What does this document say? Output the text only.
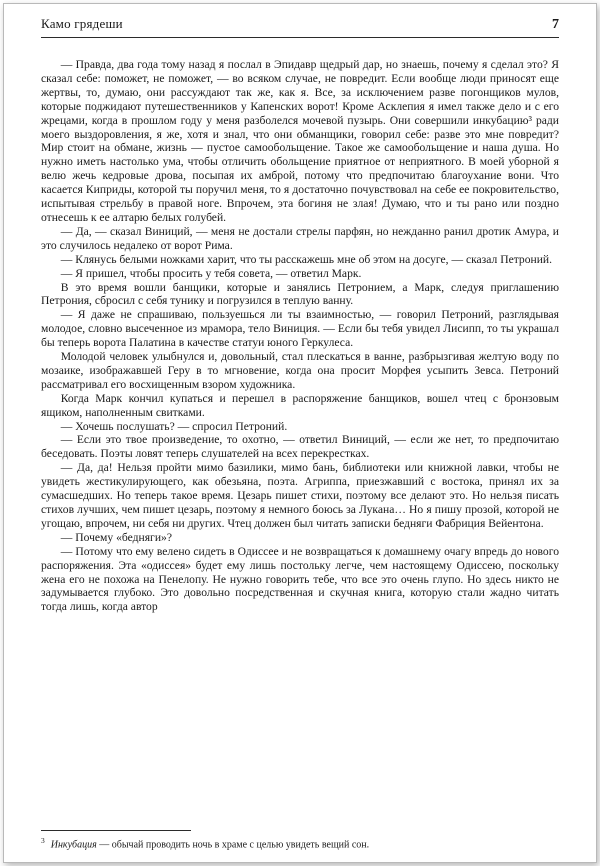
Камо грядеши	7

— Правда, два года тому назад я послал в Эпидавр щедрый дар, но знаешь, почему я сделал это? Я сказал себе: поможет, не поможет, — во всяком случае, не повредит. Если вообще люди приносят еще жертвы, то, думаю, они рассуждают так же, как я. Все, за исключением разве погонщиков мулов, которые поджидают путешественников у Капенских ворот! Кроме Асклепия я имел также дело и с его жрецами, когда в прошлом году у меня разболелся мочевой пузырь. Они совершили инкубацию³ ради моего выздоровления, я же, хотя и знал, что они обманщики, говорил себе: разве это мне повредит? Мир стоит на обмане, жизнь — пустое самообольщение. Такое же самообольщение и наша душа. Но нужно иметь настолько ума, чтобы отличить обольщение приятное от неприятного. В моей уборной я велю жечь кедровые дрова, посыпая их амброй, потому что предпочитаю благоухание вони. Что касается Киприды, которой ты поручил меня, то я достаточно почувствовал на себе ее покровительство, испытывая стрельбу в правой ноге. Впрочем, эта богиня не злая! Думаю, что и ты рано или поздно отнесешь к ее алтарю белых голубей.

— Да, — сказал Виниций, — меня не достали стрелы парфян, но нежданно ранил дротик Амура, и это случилось недалеко от ворот Рима.

— Клянусь белыми ножками харит, что ты расскажешь мне об этом на досуге, — сказал Петроний.

— Я пришел, чтобы просить у тебя совета, — ответил Марк.

В это время вошли банщики, которые и занялись Петронием, а Марк, следуя приглашению Петрония, сбросил с себя тунику и погрузился в теплую ванну.

— Я даже не спрашиваю, пользуешься ли ты взаимностью, — говорил Петроний, разглядывая молодое, словно высеченное из мрамора, тело Виниция. — Если бы тебя увидел Лисипп, то ты украшал бы теперь ворота Палатина в качестве статуи юного Геркулеса.

Молодой человек улыбнулся и, довольный, стал плескаться в ванне, разбрызгивая желтую воду по мозаике, изображавшей Геру в то мгновение, когда она просит Морфея усыпить Зевса. Петроний рассматривал его восхищенным взором художника.

Когда Марк кончил купаться и перешел в распоряжение банщиков, вошел чтец с бронзовым ящиком, наполненным свитками.

— Хочешь послушать? — спросил Петроний.

— Если это твое произведение, то охотно, — ответил Виниций, — если же нет, то предпочитаю беседовать. Поэты ловят теперь слушателей на всех перекрестках.

— Да, да! Нельзя пройти мимо базилики, мимо бань, библиотеки или книжной лавки, чтобы не увидеть жестикулирующего, как обезьяна, поэта. Агриппа, приезжавший с востока, принял их за сумасшедших. Но теперь такое время. Цезарь пишет стихи, поэтому все делают это. Но нельзя писать стихов лучших, чем пишет цезарь, поэтому я немного боюсь за Лукана… Но я пишу прозой, которой не угощаю, впрочем, ни себя ни других. Чтец должен был читать записки бедняги Фабриция Вейентона.

— Почему «бедняги»?

— Потому что ему велено сидеть в Одиссее и не возвращаться к домашнему очагу впредь до нового распоряжения. Эта «одиссея» будет ему лишь постольку легче, чем настоящему Одиссею, поскольку жена его не похожа на Пенелопу. Не нужно говорить тебе, что все это очень глупо. Но здесь никто не задумывается глубоко. Это довольно посредственная и скучная книга, которую стали жадно читать тогда лишь, когда автор

$^3$ Инкубация — обычай проводить ночь в храме с целью увидеть вещий сон.
